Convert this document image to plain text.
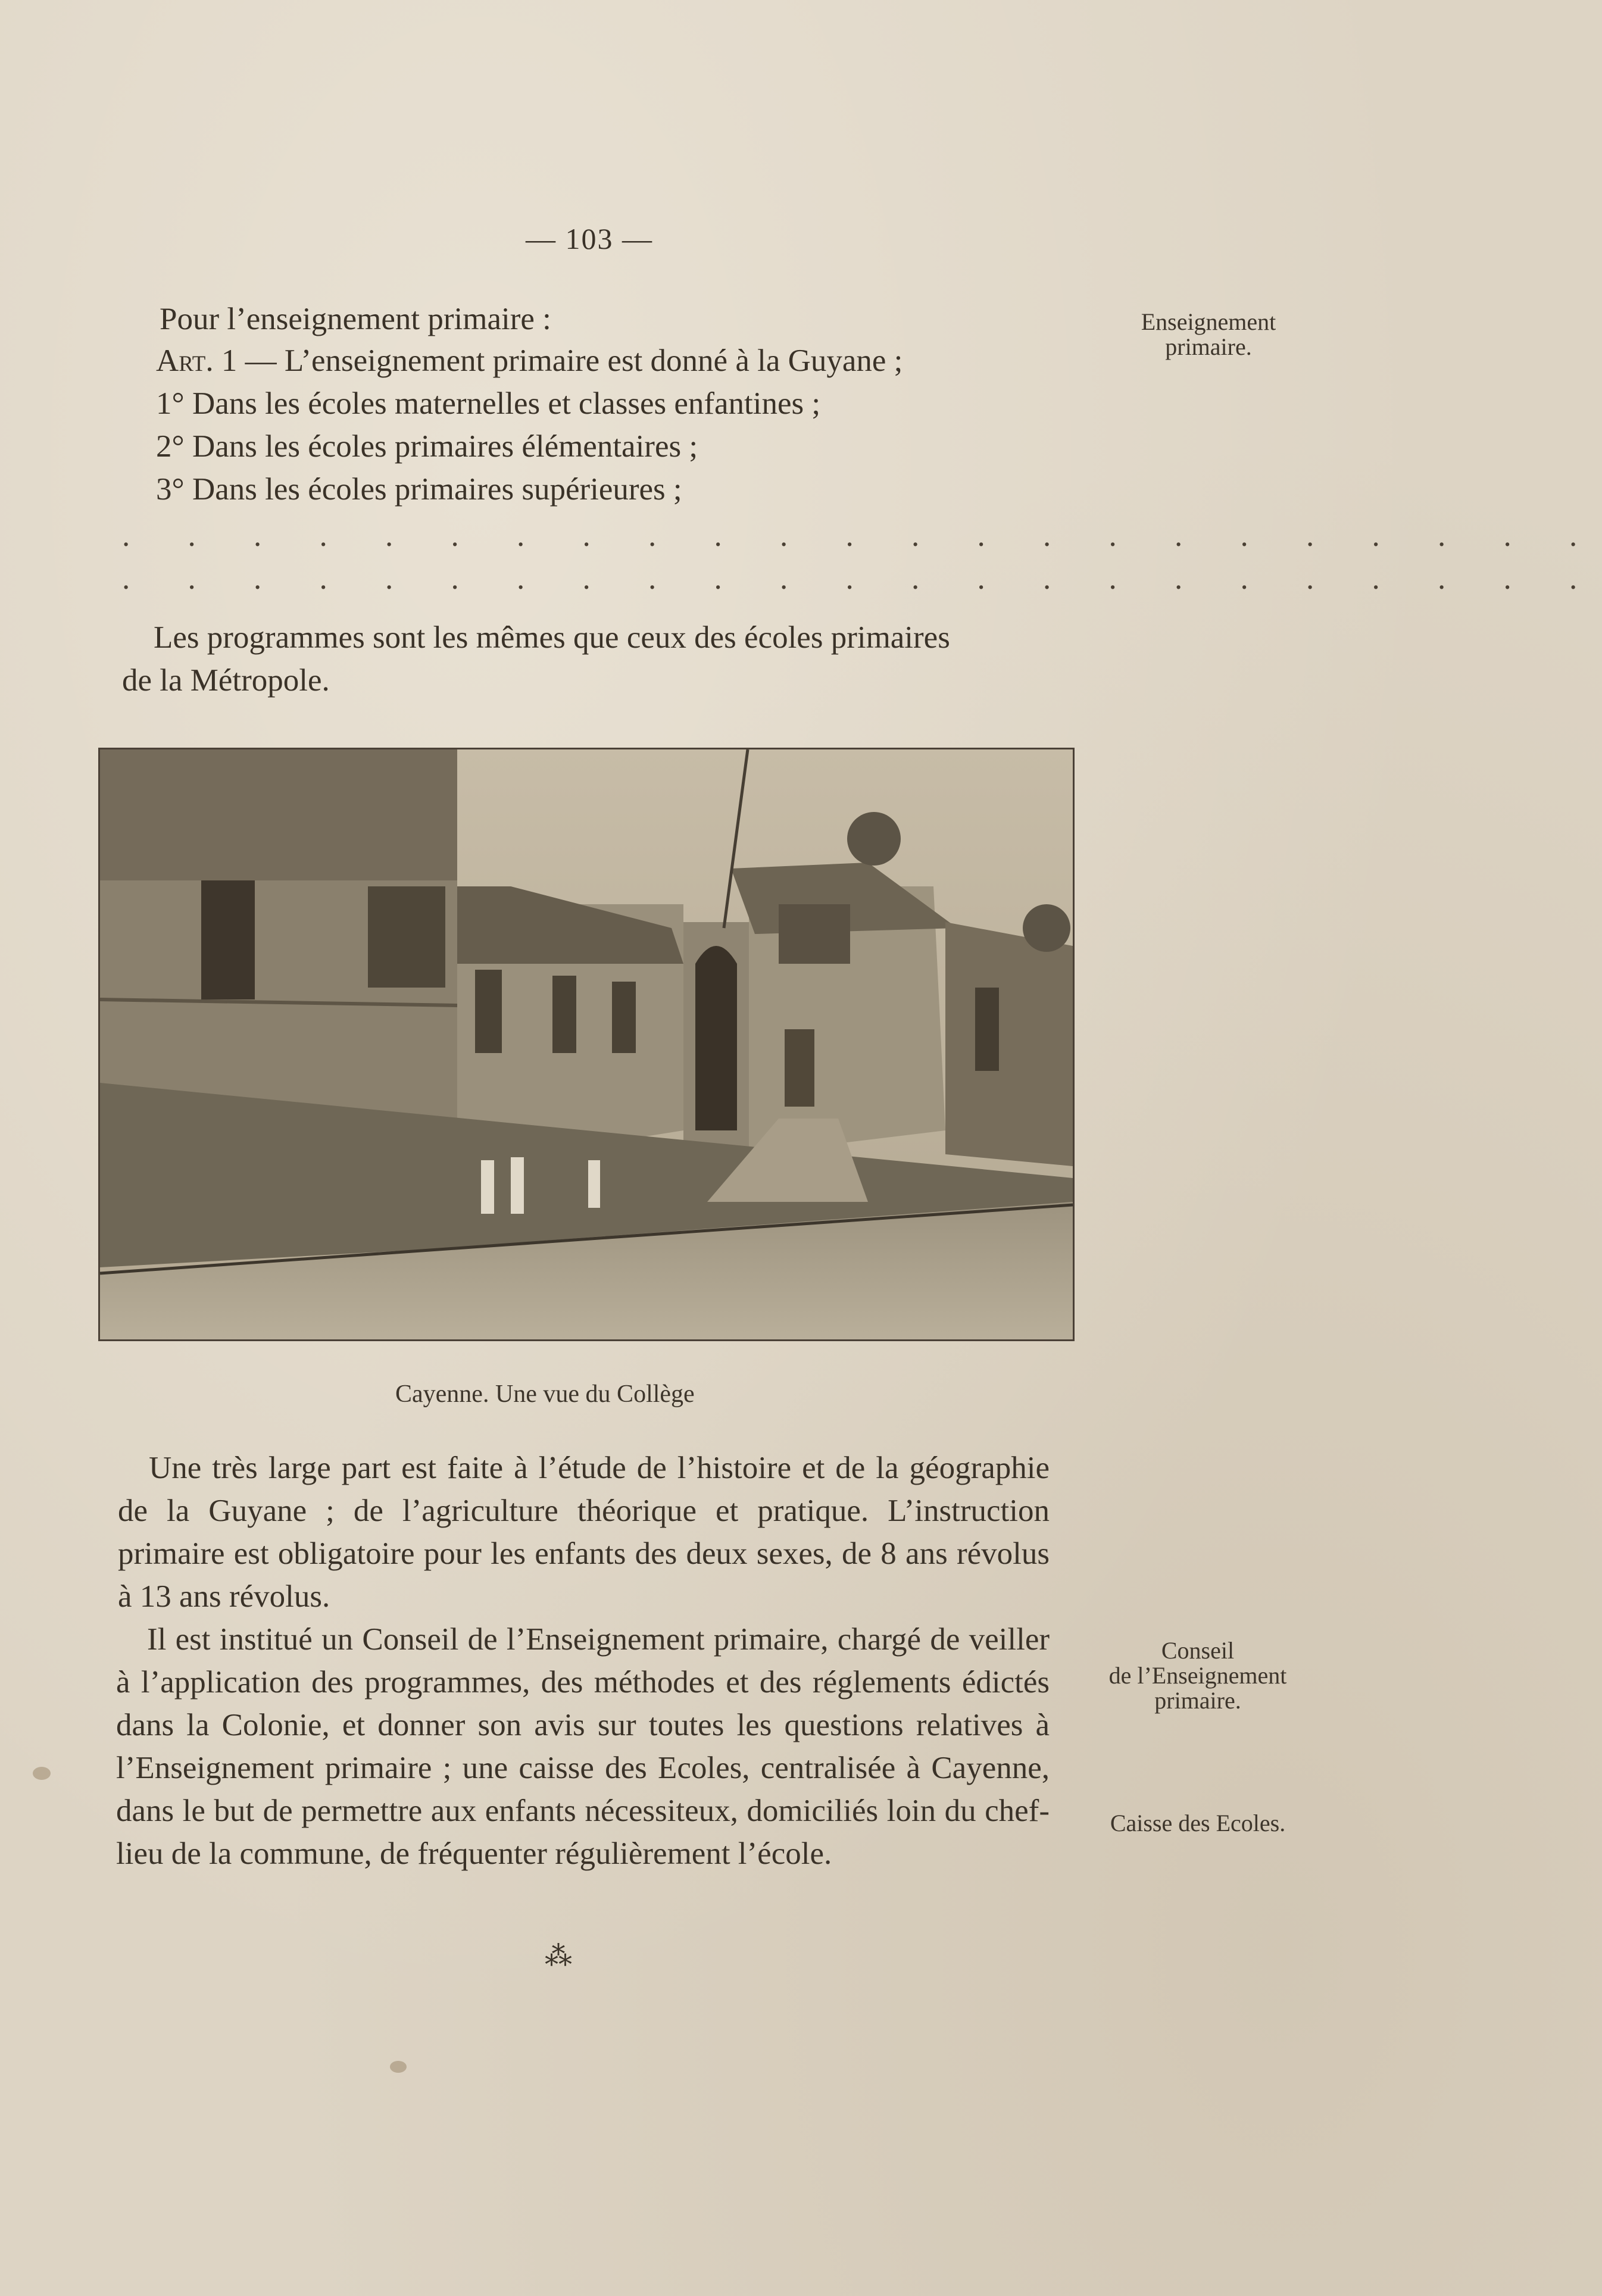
— 103 —
Enseignement
primaire.
Pour l’enseignement primaire :
Art. 1 — L’enseignement primaire est donné à la Guyane ;
1° Dans les écoles maternelles et classes enfantines ;
2° Dans les écoles primaires élémentaires ;
3° Dans les écoles primaires supérieures ;
. . . . . . . . . . . . . . . . . . . . . . .
. . . . . . . . . . . . . . . . . . . . . . .
Les programmes sont les mêmes que ceux des écoles primaires
de la Métropole.
Cayenne. Une vue du Collège
Une très large part est faite à l’étude de l’histoire et de la géographie de la Guyane ; de l’agriculture théorique et pratique. L’instruction primaire est obligatoire pour les enfants des deux sexes, de 8 ans révolus à 13 ans révolus.
Il est institué un Conseil de l’Enseignement primaire, chargé de veiller à l’application des programmes, des méthodes et des réglements édictés dans la Colonie, et donner son avis sur toutes les questions relatives à l’Enseignement primaire ; une caisse des Ecoles, centralisée à Cayenne, dans le but de permettre aux enfants nécessiteux, domiciliés loin du chef-lieu de la commune, de fréquenter régulièrement l’école.
Conseil
de l’Enseignement
primaire.
Caisse des Ecoles.
⁂
